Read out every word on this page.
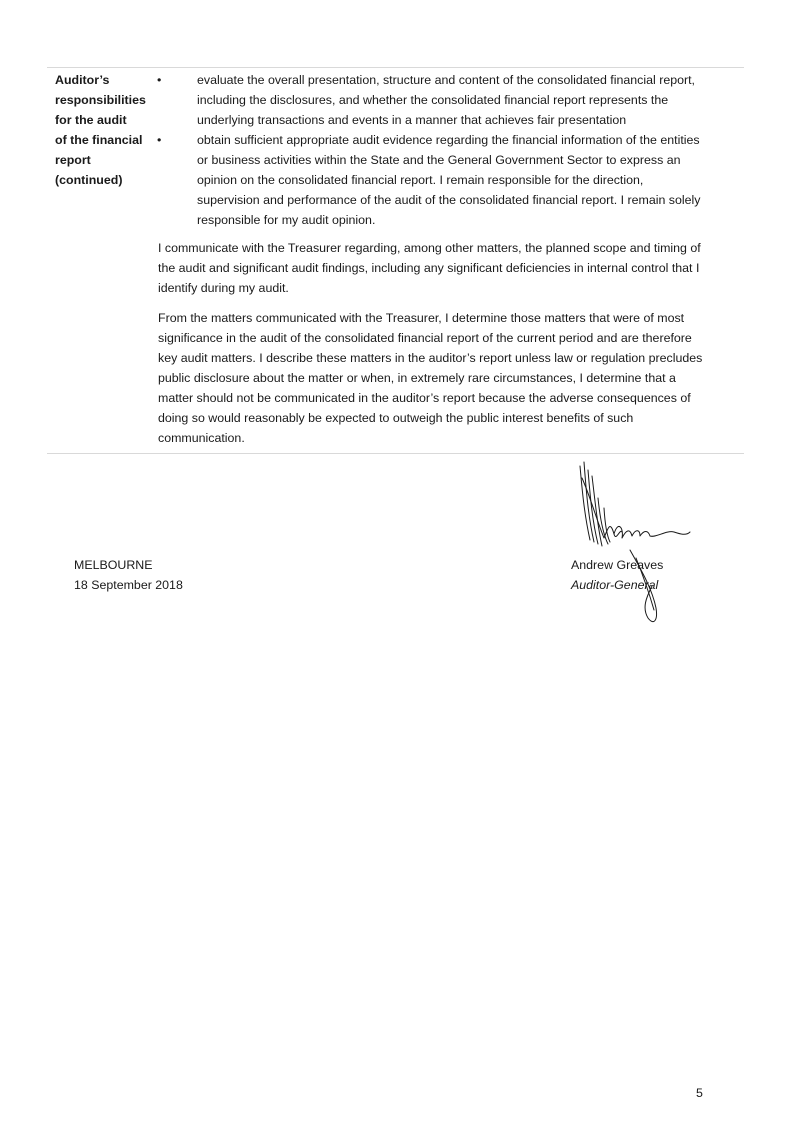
Auditor’s
responsibilities
for the audit
of the financial
report
(continued)
•	evaluate the overall presentation, structure and content of the consolidated financial report,
including the disclosures, and whether the consolidated financial report represents the
underlying transactions and events in a manner that achieves fair presentation
•	obtain sufficient appropriate audit evidence regarding the financial information of the entities
or business activities within the State and the General Government Sector to express an
opinion on the consolidated financial report. I remain responsible for the direction,
supervision and performance of the audit of the consolidated financial report. I remain solely
responsible for my audit opinion.
I communicate with the Treasurer regarding, among other matters, the planned scope and timing of
the audit and significant audit findings, including any significant deficiencies in internal control that I
identify during my audit.
From the matters communicated with the Treasurer, I determine those matters that were of most
significance in the audit of the consolidated financial report of the current period and are therefore
key audit matters. I describe these matters in the auditor’s report unless law or regulation precludes
public disclosure about the matter or when, in extremely rare circumstances, I determine that a
matter should not be communicated in the auditor’s report because the adverse consequences of
doing so would reasonably be expected to outweigh the public interest benefits of such
communication.
MELBOURNE
18 September 2018
Andrew Greaves
Auditor-General
5
